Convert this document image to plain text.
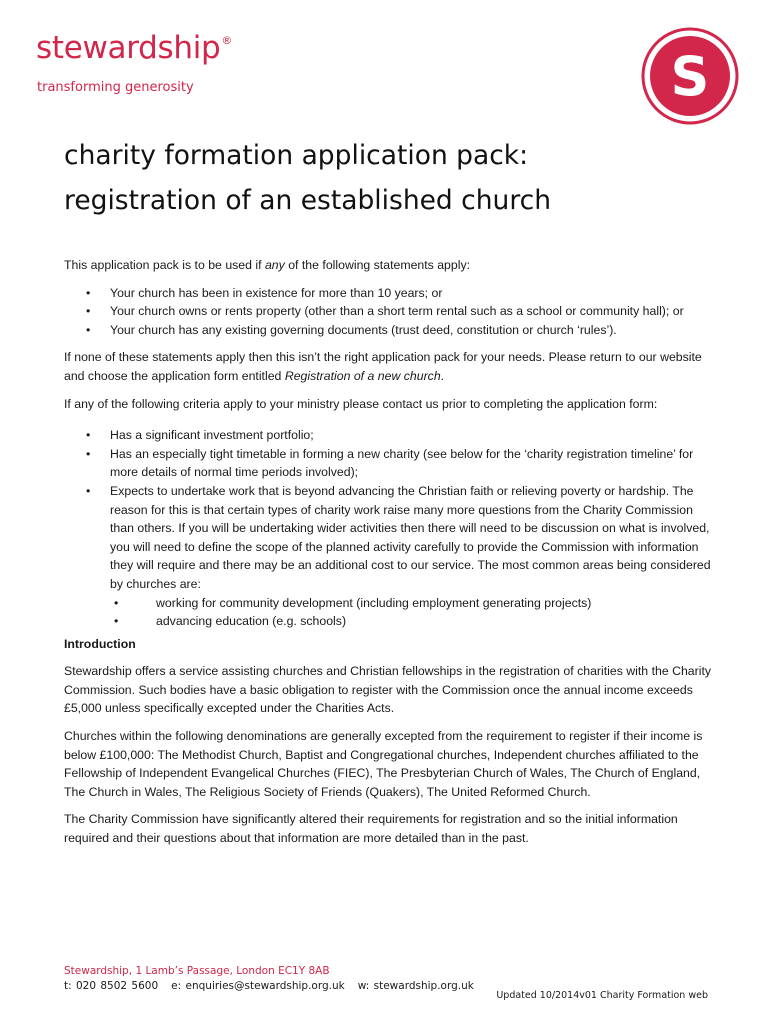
stewardship®
transforming generosity	S
charity formation application pack:
registration of an established church

This application pack is to be used if any of the following statements apply:

• Your church has been in existence for more than 10 years; or
• Your church owns or rents property (other than a short term rental such as a school or community hall); or
• Your church has any existing governing documents (trust deed, constitution or church ‘rules’).

If none of these statements apply then this isn’t the right application pack for your needs. Please return to our website and choose the application form entitled Registration of a new church.

If any of the following criteria apply to your ministry please contact us prior to completing the application form:

• Has a significant investment portfolio;
• Has an especially tight timetable in forming a new charity (see below for the ‘charity registration timeline’ for more details of normal time periods involved);
• Expects to undertake work that is beyond advancing the Christian faith or relieving poverty or hardship. The reason for this is that certain types of charity work raise many more questions from the Charity Commission than others. If you will be undertaking wider activities then there will need to be discussion on what is involved, you will need to define the scope of the planned activity carefully to provide the Commission with information they will require and there may be an additional cost to our service. The most common areas being considered by churches are:
• working for community development (including employment generating projects)
• advancing education (e.g. schools)

Introduction

Stewardship offers a service assisting churches and Christian fellowships in the registration of charities with the Charity Commission. Such bodies have a basic obligation to register with the Commission once the annual income exceeds £5,000 unless specifically excepted under the Charities Acts.

Churches within the following denominations are generally excepted from the requirement to register if their income is below £100,000: The Methodist Church, Baptist and Congregational churches, Independent churches affiliated to the Fellowship of Independent Evangelical Churches (FIEC), The Presbyterian Church of Wales, The Church of England, The Church in Wales, The Religious Society of Friends (Quakers), The United Reformed Church.

The Charity Commission have significantly altered their requirements for registration and so the initial information required and their questions about that information are more detailed than in the past.

Stewardship, 1 Lamb’s Passage, London EC1Y 8AB
t: 020 8502 5600 e: enquiries@stewardship.org.uk w: stewardship.org.uk
Updated 10/2014v01 Charity Formation web
